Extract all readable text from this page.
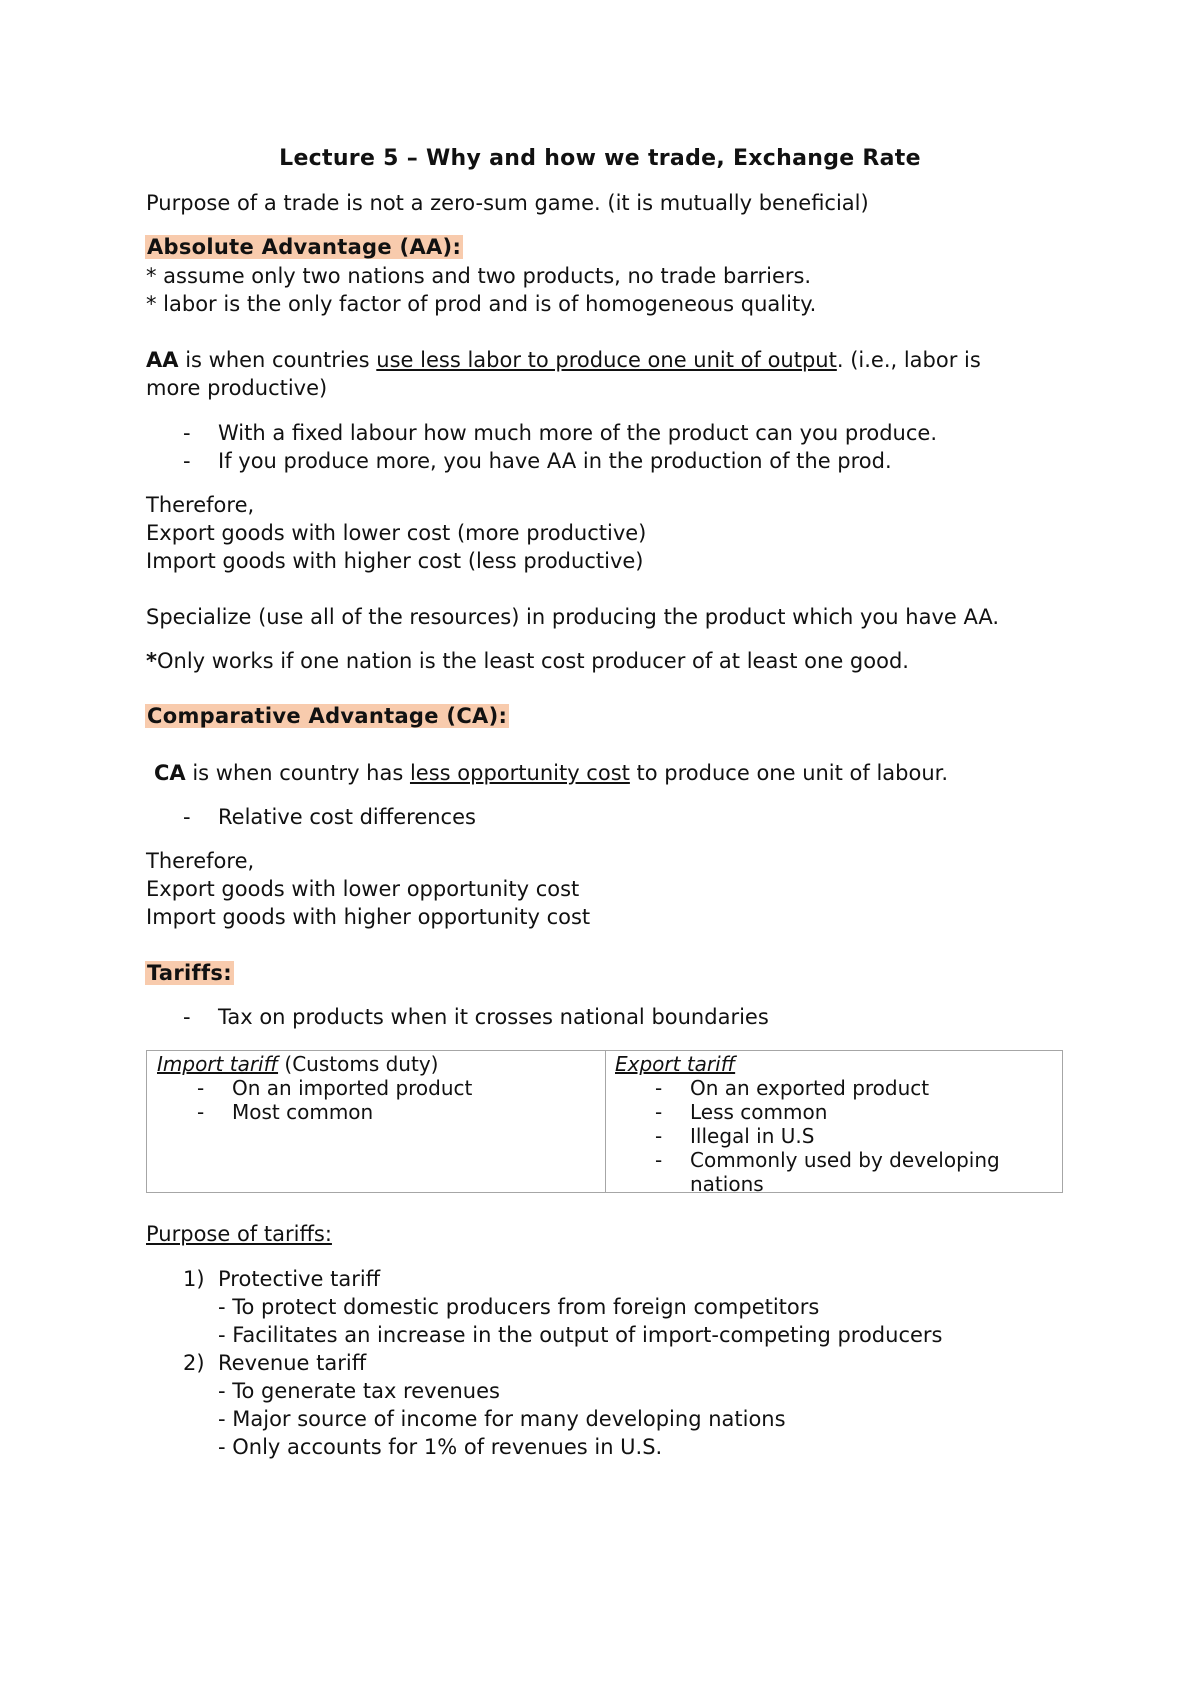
Lecture 5 – Why and how we trade, Exchange Rate
Purpose of a trade is not a zero-sum game. (it is mutually beneficial)
Absolute Advantage (AA):
* assume only two nations and two products, no trade barriers.
* labor is the only factor of prod and is of homogeneous quality.
AA is when countries use less labor to produce one unit of output. (i.e., labor is
more productive)
- With a fixed labour how much more of the product can you produce.
- If you produce more, you have AA in the production of the prod.
Therefore,
Export goods with lower cost (more productive)
Import goods with higher cost (less productive)
Specialize (use all of the resources) in producing the product which you have AA.
*Only works if one nation is the least cost producer of at least one good.
Comparative Advantage (CA):
CA is when country has less opportunity cost to produce one unit of labour.
- Relative cost differences
Therefore,
Export goods with lower opportunity cost
Import goods with higher opportunity cost
Tariffs:
- Tax on products when it crosses national boundaries
Import tariff (Customs duty)
- On an imported product
- Most common
Export tariff
- On an exported product
- Less common
- Illegal in U.S
- Commonly used by developing
nations
Purpose of tariffs:
1) Protective tariff
- To protect domestic producers from foreign competitors
- Facilitates an increase in the output of import-competing producers
2) Revenue tariff
- To generate tax revenues
- Major source of income for many developing nations
- Only accounts for 1% of revenues in U.S.
